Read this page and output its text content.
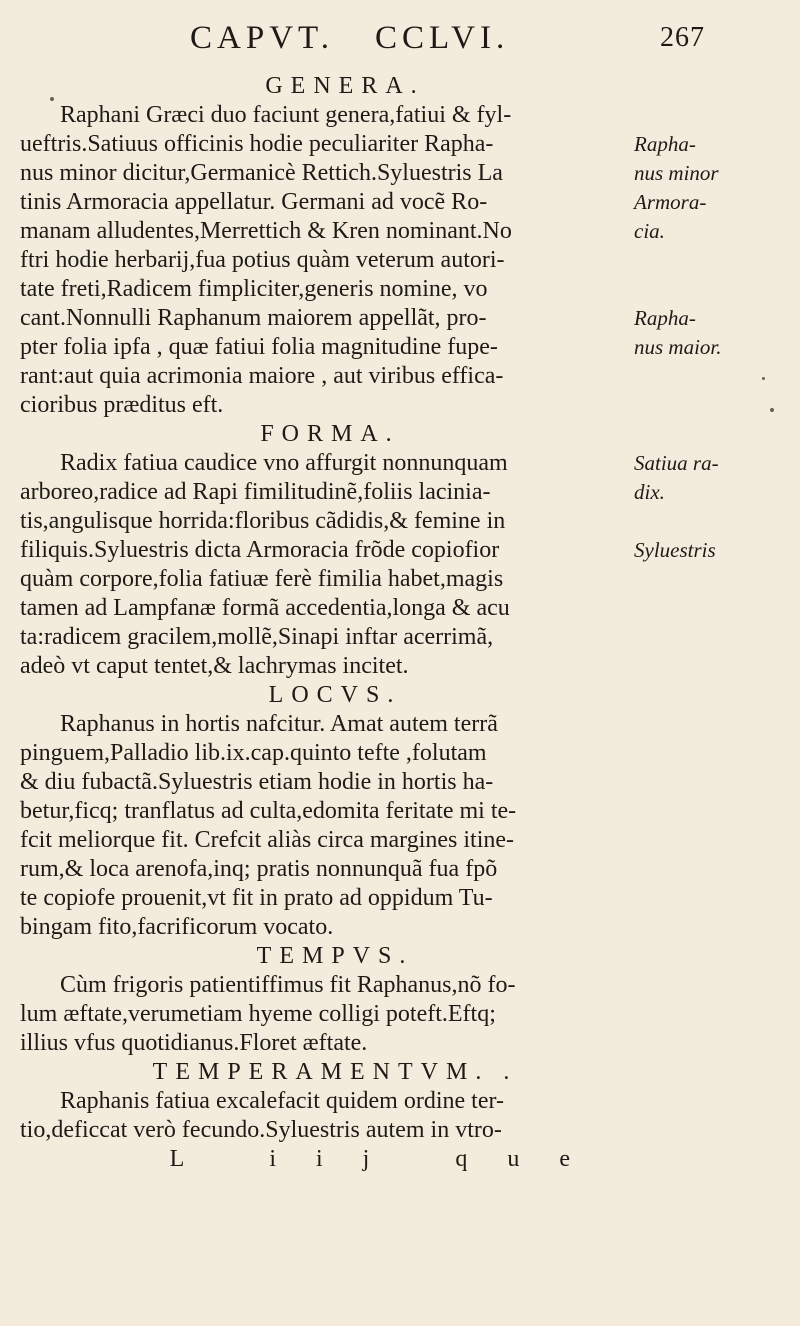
CAPVT. CCLVI.	267
GENERA.
Raphani Græci duo faciunt genera,fatiui & fyl-
ueftris.Satiuus officinis hodie peculiariter Rapha-
nus minor dicitur,Germanicè Rettich.Syluestris La
tinis Armoracia appellatur. Germani ad vocẽ Ro-
manam alludentes,Merrettich & Kren nominant.No
ftri hodie herbarij,fua potius quàm veterum autori-
tate freti,Radicem fimpliciter,generis nomine, vo
cant.Nonnulli Raphanum maiorem appellãt, pro-
pter folia ipfa , quæ fatiui folia magnitudine fupe-
rant:aut quia acrimonia maiore , aut viribus effica-
cioribus præditus eft.
FORMA.
Radix fatiua caudice vno affurgit nonnunquam
arboreo,radice ad Rapi fimilitudinẽ,foliis lacinia-
tis,angulisque horrida:floribus cãdidis,& femine in
filiquis.Syluestris dicta Armoracia frõde copiofior
quàm corpore,folia fatiuæ ferè fimilia habet,magis
tamen ad Lampfanæ formã accedentia,longa & acu
ta:radicem gracilem,mollẽ,Sinapi inftar acerrimã,
adeò vt caput tentet,& lachrymas incitet.
LOCVS.
Raphanus in hortis nafcitur. Amat autem terrã
pinguem,Palladio lib.ix.cap.quinto tefte ,folutam
& diu fubactã.Syluestris etiam hodie in hortis ha-
betur,ficq; tranflatus ad culta,edomita feritate mi te-
fcit meliorque fit. Crefcit aliàs circa margines itine-
rum,& loca arenofa,inq; pratis nonnunquã fua fpõ
te copiofe prouenit,vt fit in prato ad oppidum Tu-
bingam fito,facrificorum vocato.
TEMPVS.
Cùm frigoris patientiffimus fit Raphanus,nõ fo-
lum æftate,verumetiam hyeme colligi poteft.Eftq;
illius vfus quotidianus.Floret æftate.
TEMPERAMENTVM. .
Raphanis fatiua excalefacit quidem ordine ter-
tio,deficcat verò fecundo.Syluestris autem in vtro-
L iij que
Rapha-
nus minor
Armora-
cia.
Rapha-
nus maior.
Satiua ra-
dix.
Syluestris
